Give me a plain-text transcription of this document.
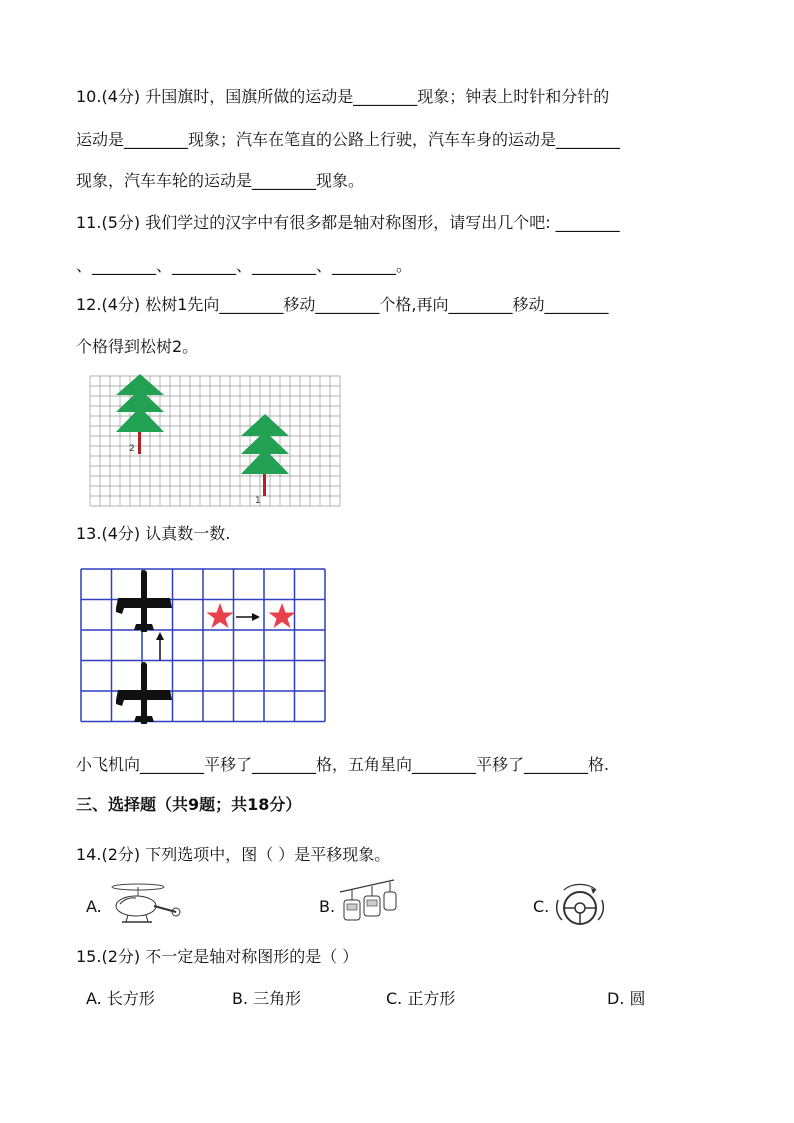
10.(4分) 升国旗时，国旗所做的运动是________现象；钟表上时针和分针的
运动是________现象；汽车在笔直的公路上行驶，汽车车身的运动是________
现象，汽车车轮的运动是________现象。
11.(5分) 我们学过的汉字中有很多都是轴对称图形，请写出几个吧: ________
、________、________、________、________。
12.(4分) 松树1先向________移动________个格,再向________移动________
个格得到松树2。
2
1
13.(4分) 认真数一数.
小飞机向________平移了________格，五角星向________平移了________格.
三、选择题（共9题；共18分）
14.(2分) 下列选项中，图（ ）是平移现象。
A.	B.	C.
15.(2分) 不一定是轴对称图形的是（ ）
A. 长方形	B. 三角形	C. 正方形	D. 圆
